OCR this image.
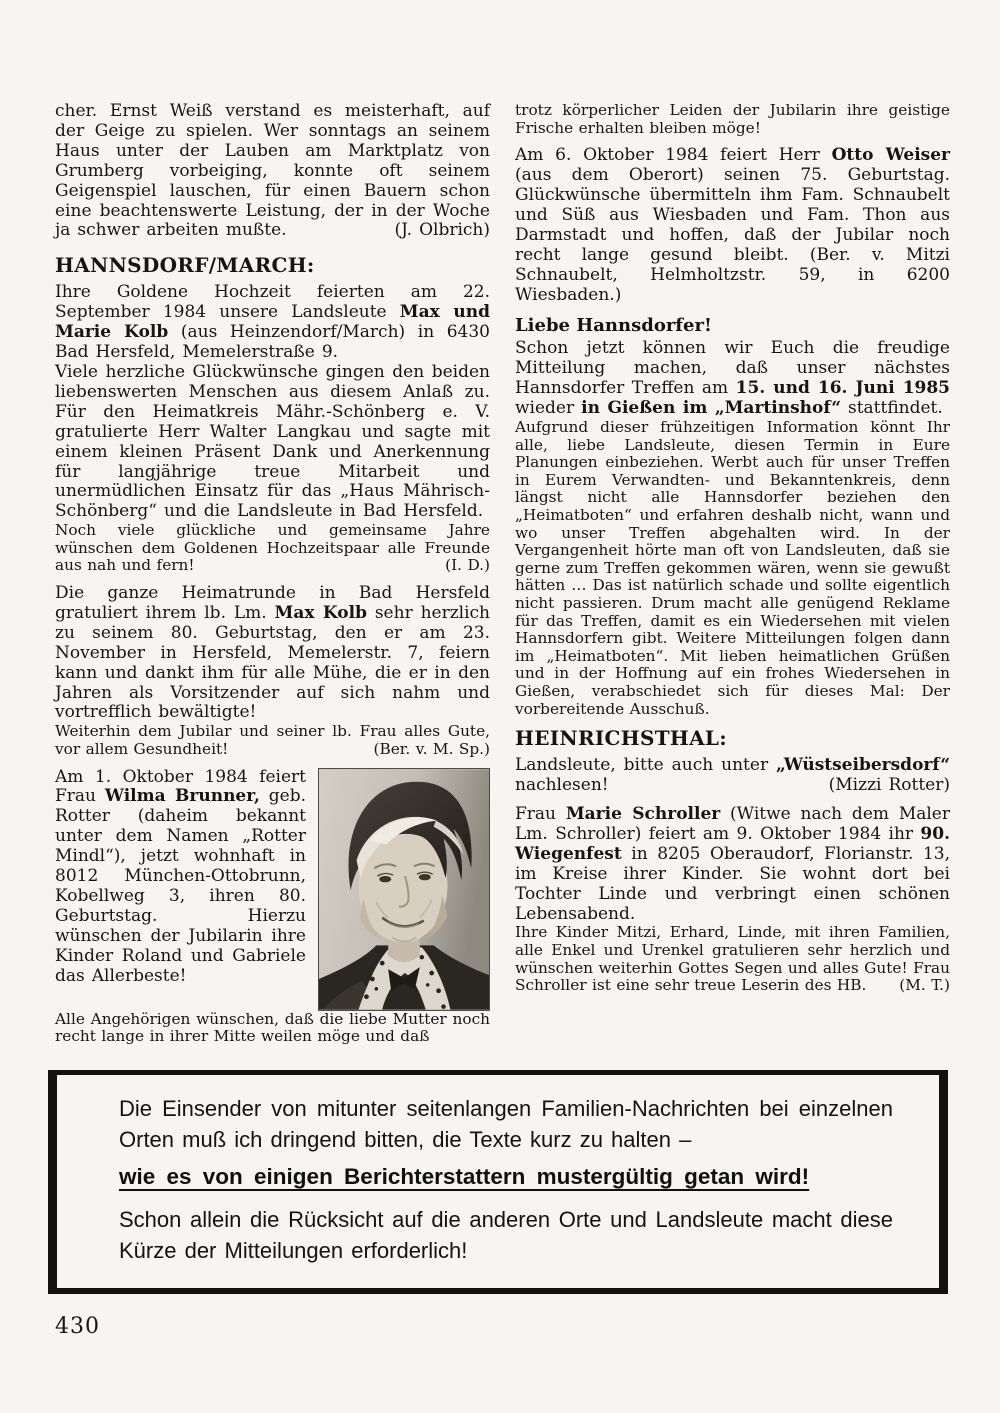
cher. Ernst Weiß verstand es meisterhaft, auf der Geige zu spielen. Wer sonntags an seinem Haus unter der Lauben am Marktplatz von Grumberg vorbeiging, konnte oft seinem Geigenspiel lauschen, für einen Bauern schon eine beachtenswerte Leistung, der in der Woche ja schwer arbeiten mußte.	(J. Olbrich)

HANNSDORF/MARCH:

Ihre Goldene Hochzeit feierten am 22. September 1984 unsere Landsleute Max und Marie Kolb (aus Heinzendorf/March) in 6430 Bad Hersfeld, Memelerstraße 9.

Viele herzliche Glückwünsche gingen den beiden liebenswerten Menschen aus diesem Anlaß zu. Für den Heimatkreis Mähr.-Schönberg e. V. gratulierte Herr Walter Langkau und sagte mit einem kleinen Präsent Dank und Anerkennung für langjährige treue Mitarbeit und unermüdlichen Einsatz für das „Haus Mährisch-Schönberg“ und die Landsleute in Bad Hersfeld.

Noch viele glückliche und gemeinsame Jahre wünschen dem Goldenen Hochzeitspaar alle Freunde aus nah und fern!	(I. D.)

Die ganze Heimatrunde in Bad Hersfeld gratuliert ihrem lb. Lm. Max Kolb sehr herzlich zu seinem 80. Geburtstag, den er am 23. November in Hersfeld, Memelerstr. 7, feiern kann und dankt ihm für alle Mühe, die er in den Jahren als Vorsitzender auf sich nahm und vortrefflich bewältigte!

Weiterhin dem Jubilar und seiner lb. Frau alles Gute, vor allem Gesundheit!	(Ber. v. M. Sp.)

Am 1. Oktober 1984 feiert Frau Wilma Brunner, geb. Rotter (daheim bekannt unter dem Namen „Rotter Mindl“), jetzt wohnhaft in 8012 München-Ottobrunn, Kobellweg 3, ihren 80. Geburtstag. Hierzu wünschen der Jubilarin ihre Kinder Roland und Gabriele das Allerbeste!

Alle Angehörigen wünschen, daß die liebe Mutter noch recht lange in ihrer Mitte weilen möge und daß

trotz körperlicher Leiden der Jubilarin ihre geistige Frische erhalten bleiben möge!

Am 6. Oktober 1984 feiert Herr Otto Weiser (aus dem Oberort) seinen 75. Geburtstag. Glückwünsche übermitteln ihm Fam. Schnaubelt und Süß aus Wiesbaden und Fam. Thon aus Darmstadt und hoffen, daß der Jubilar noch recht lange gesund bleibt. (Ber. v. Mitzi Schnaubelt, Helmholtzstr. 59, in 6200 Wiesbaden.)

Liebe Hannsdorfer!

Schon jetzt können wir Euch die freudige Mitteilung machen, daß unser nächstes Hannsdorfer Treffen am 15. und 16. Juni 1985 wieder in Gießen im „Martinshof“ stattfindet.

Aufgrund dieser frühzeitigen Information könnt Ihr alle, liebe Landsleute, diesen Termin in Eure Planungen einbeziehen. Werbt auch für unser Treffen in Eurem Verwandten- und Bekanntenkreis, denn längst nicht alle Hannsdorfer beziehen den „Heimatboten“ und erfahren deshalb nicht, wann und wo unser Treffen abgehalten wird. In der Vergangenheit hörte man oft von Landsleuten, daß sie gerne zum Treffen gekommen wären, wenn sie gewußt hätten … Das ist natürlich schade und sollte eigentlich nicht passieren. Drum macht alle genügend Reklame für das Treffen, damit es ein Wiedersehen mit vielen Hannsdorfern gibt. Weitere Mitteilungen folgen dann im „Heimatboten“. Mit lieben heimatlichen Grüßen und in der Hoffnung auf ein frohes Wiedersehen in Gießen, verabschiedet sich für dieses Mal: Der vorbereitende Ausschuß.

HEINRICHSTHAL:

Landsleute, bitte auch unter „Wüstseibersdorf“ nachlesen!	(Mizzi Rotter)

Frau Marie Schroller (Witwe nach dem Maler Lm. Schroller) feiert am 9. Oktober 1984 ihr 90. Wiegenfest in 8205 Oberaudorf, Florianstr. 13, im Kreise ihrer Kinder. Sie wohnt dort bei Tochter Linde und verbringt einen schönen Lebensabend.

Ihre Kinder Mitzi, Erhard, Linde, mit ihren Familien, alle Enkel und Urenkel gratulieren sehr herzlich und wünschen weiterhin Gottes Segen und alles Gute! Frau Schroller ist eine sehr treue Leserin des HB. (M. T.)

Die Einsender von mitunter seitenlangen Familien-Nachrichten bei einzelnen Orten muß ich dringend bitten, die Texte kurz zu halten –

wie es von einigen Berichterstattern mustergültig getan wird!

Schon allein die Rücksicht auf die anderen Orte und Landsleute macht diese Kürze der Mitteilungen erforderlich!

430
